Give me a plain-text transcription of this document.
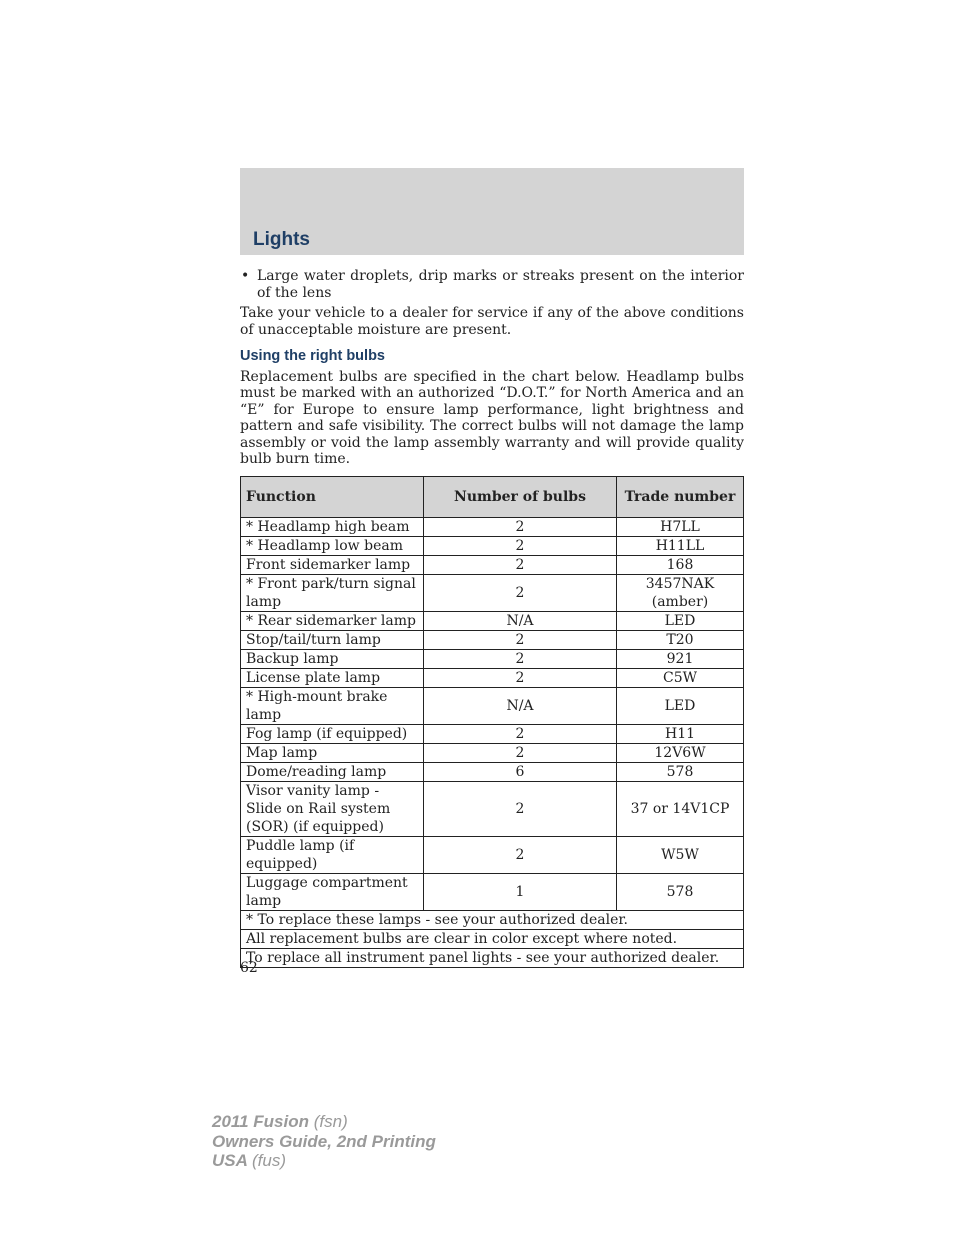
Lights
• Large water droplets, drip marks or streaks present on the interior of the lens

Take your vehicle to a dealer for service if any of the above conditions of unacceptable moisture are present.

Using the right bulbs

Replacement bulbs are specified in the chart below. Headlamp bulbs must be marked with an authorized “D.O.T.” for North America and an “E” for Europe to ensure lamp performance, light brightness and pattern and safe visibility. The correct bulbs will not damage the lamp assembly or void the lamp assembly warranty and will provide quality bulb burn time.

Function	Number of bulbs	Trade number
* Headlamp high beam	2	H7LL
* Headlamp low beam	2	H11LL
Front sidemarker lamp	2	168
* Front park/turn signal lamp	2	3457NAK (amber)
* Rear sidemarker lamp	N/A	LED
Stop/tail/turn lamp	2	T20
Backup lamp	2	921
License plate lamp	2	C5W
* High-mount brake lamp	N/A	LED
Fog lamp (if equipped)	2	H11
Map lamp	2	12V6W
Dome/reading lamp	6	578
Visor vanity lamp - Slide on Rail system (SOR) (if equipped)	2	37 or 14V1CP
Puddle lamp (if equipped)	2	W5W
Luggage compartment lamp	1	578
* To replace these lamps - see your authorized dealer.		
All replacement bulbs are clear in color except where noted.		
To replace all instrument panel lights - see your authorized dealer.		
62
2011 Fusion (fsn)
Owners Guide, 2nd Printing
USA (fus)
